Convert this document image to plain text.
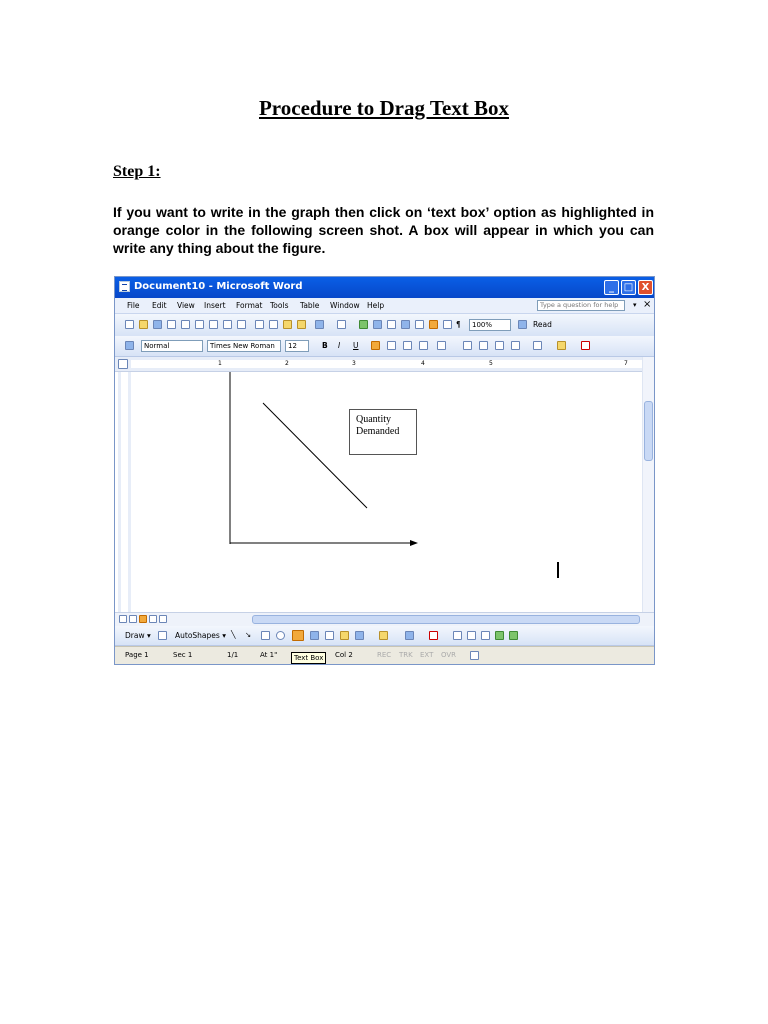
Procedure to Drag Text Box
Step 1:

If you want to write in the graph then click on ‘text box’ option as highlighted in orange color in the following screen shot. A box will appear in which you can write any thing about the figure.

Document10 - Microsoft Word	_ □ X
File Edit View Insert Format Tools Table Window Help	Type a question for help	▾ ×
¶	100%	Read
Normal	Times New Roman	12	B I U
1	2	3	4	5	7
Quantity
Demanded
Draw ▾	AutoShapes ▾ ╲ ↘
Page 1	Sec 1	1/1	At 1"	Col 2	REC TRK EXT OVR
Text Box
